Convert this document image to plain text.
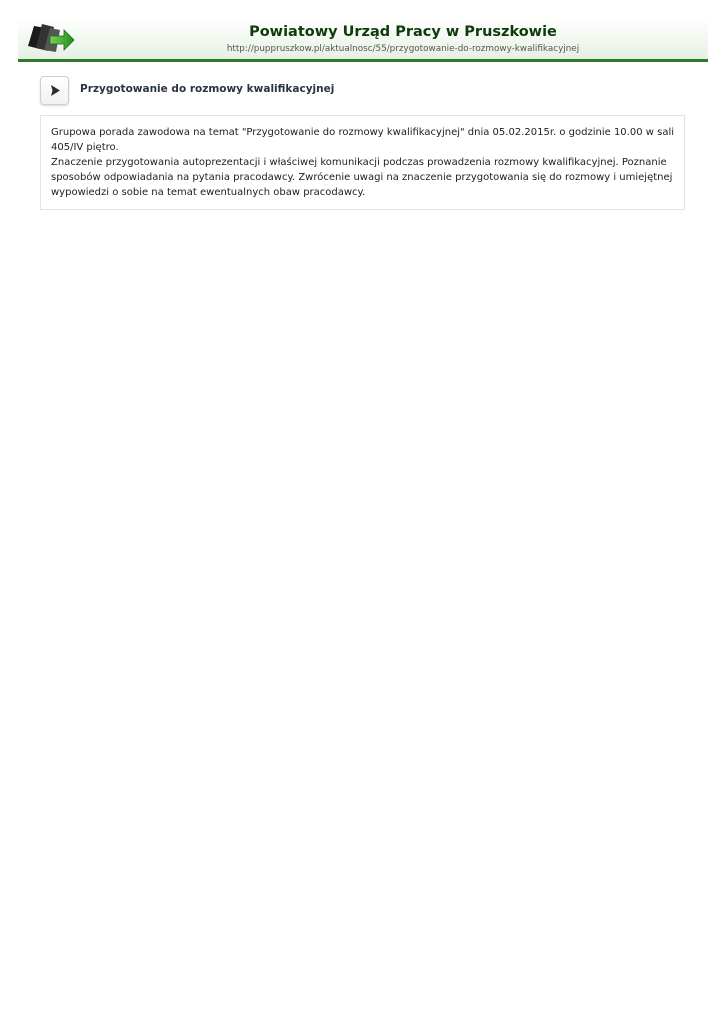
Powiatowy Urząd Pracy w Pruszkowie
http://puppruszkow.pl/aktualnosc/55/przygotowanie-do-rozmowy-kwalifikacyjnej
Przygotowanie do rozmowy kwalifikacyjnej

Grupowa porada zawodowa na temat "Przygotowanie do rozmowy kwalifikacyjnej" dnia 05.02.2015r. o godzinie 10.00 w sali 405/IV piętro.

Znaczenie przygotowania autoprezentacji i właściwej komunikacji podczas prowadzenia rozmowy kwalifikacyjnej. Poznanie sposobów odpowiadania na pytania pracodawcy. Zwrócenie uwagi na znaczenie przygotowania się do rozmowy i umiejętnej wypowiedzi o sobie na temat ewentualnych obaw pracodawcy.
